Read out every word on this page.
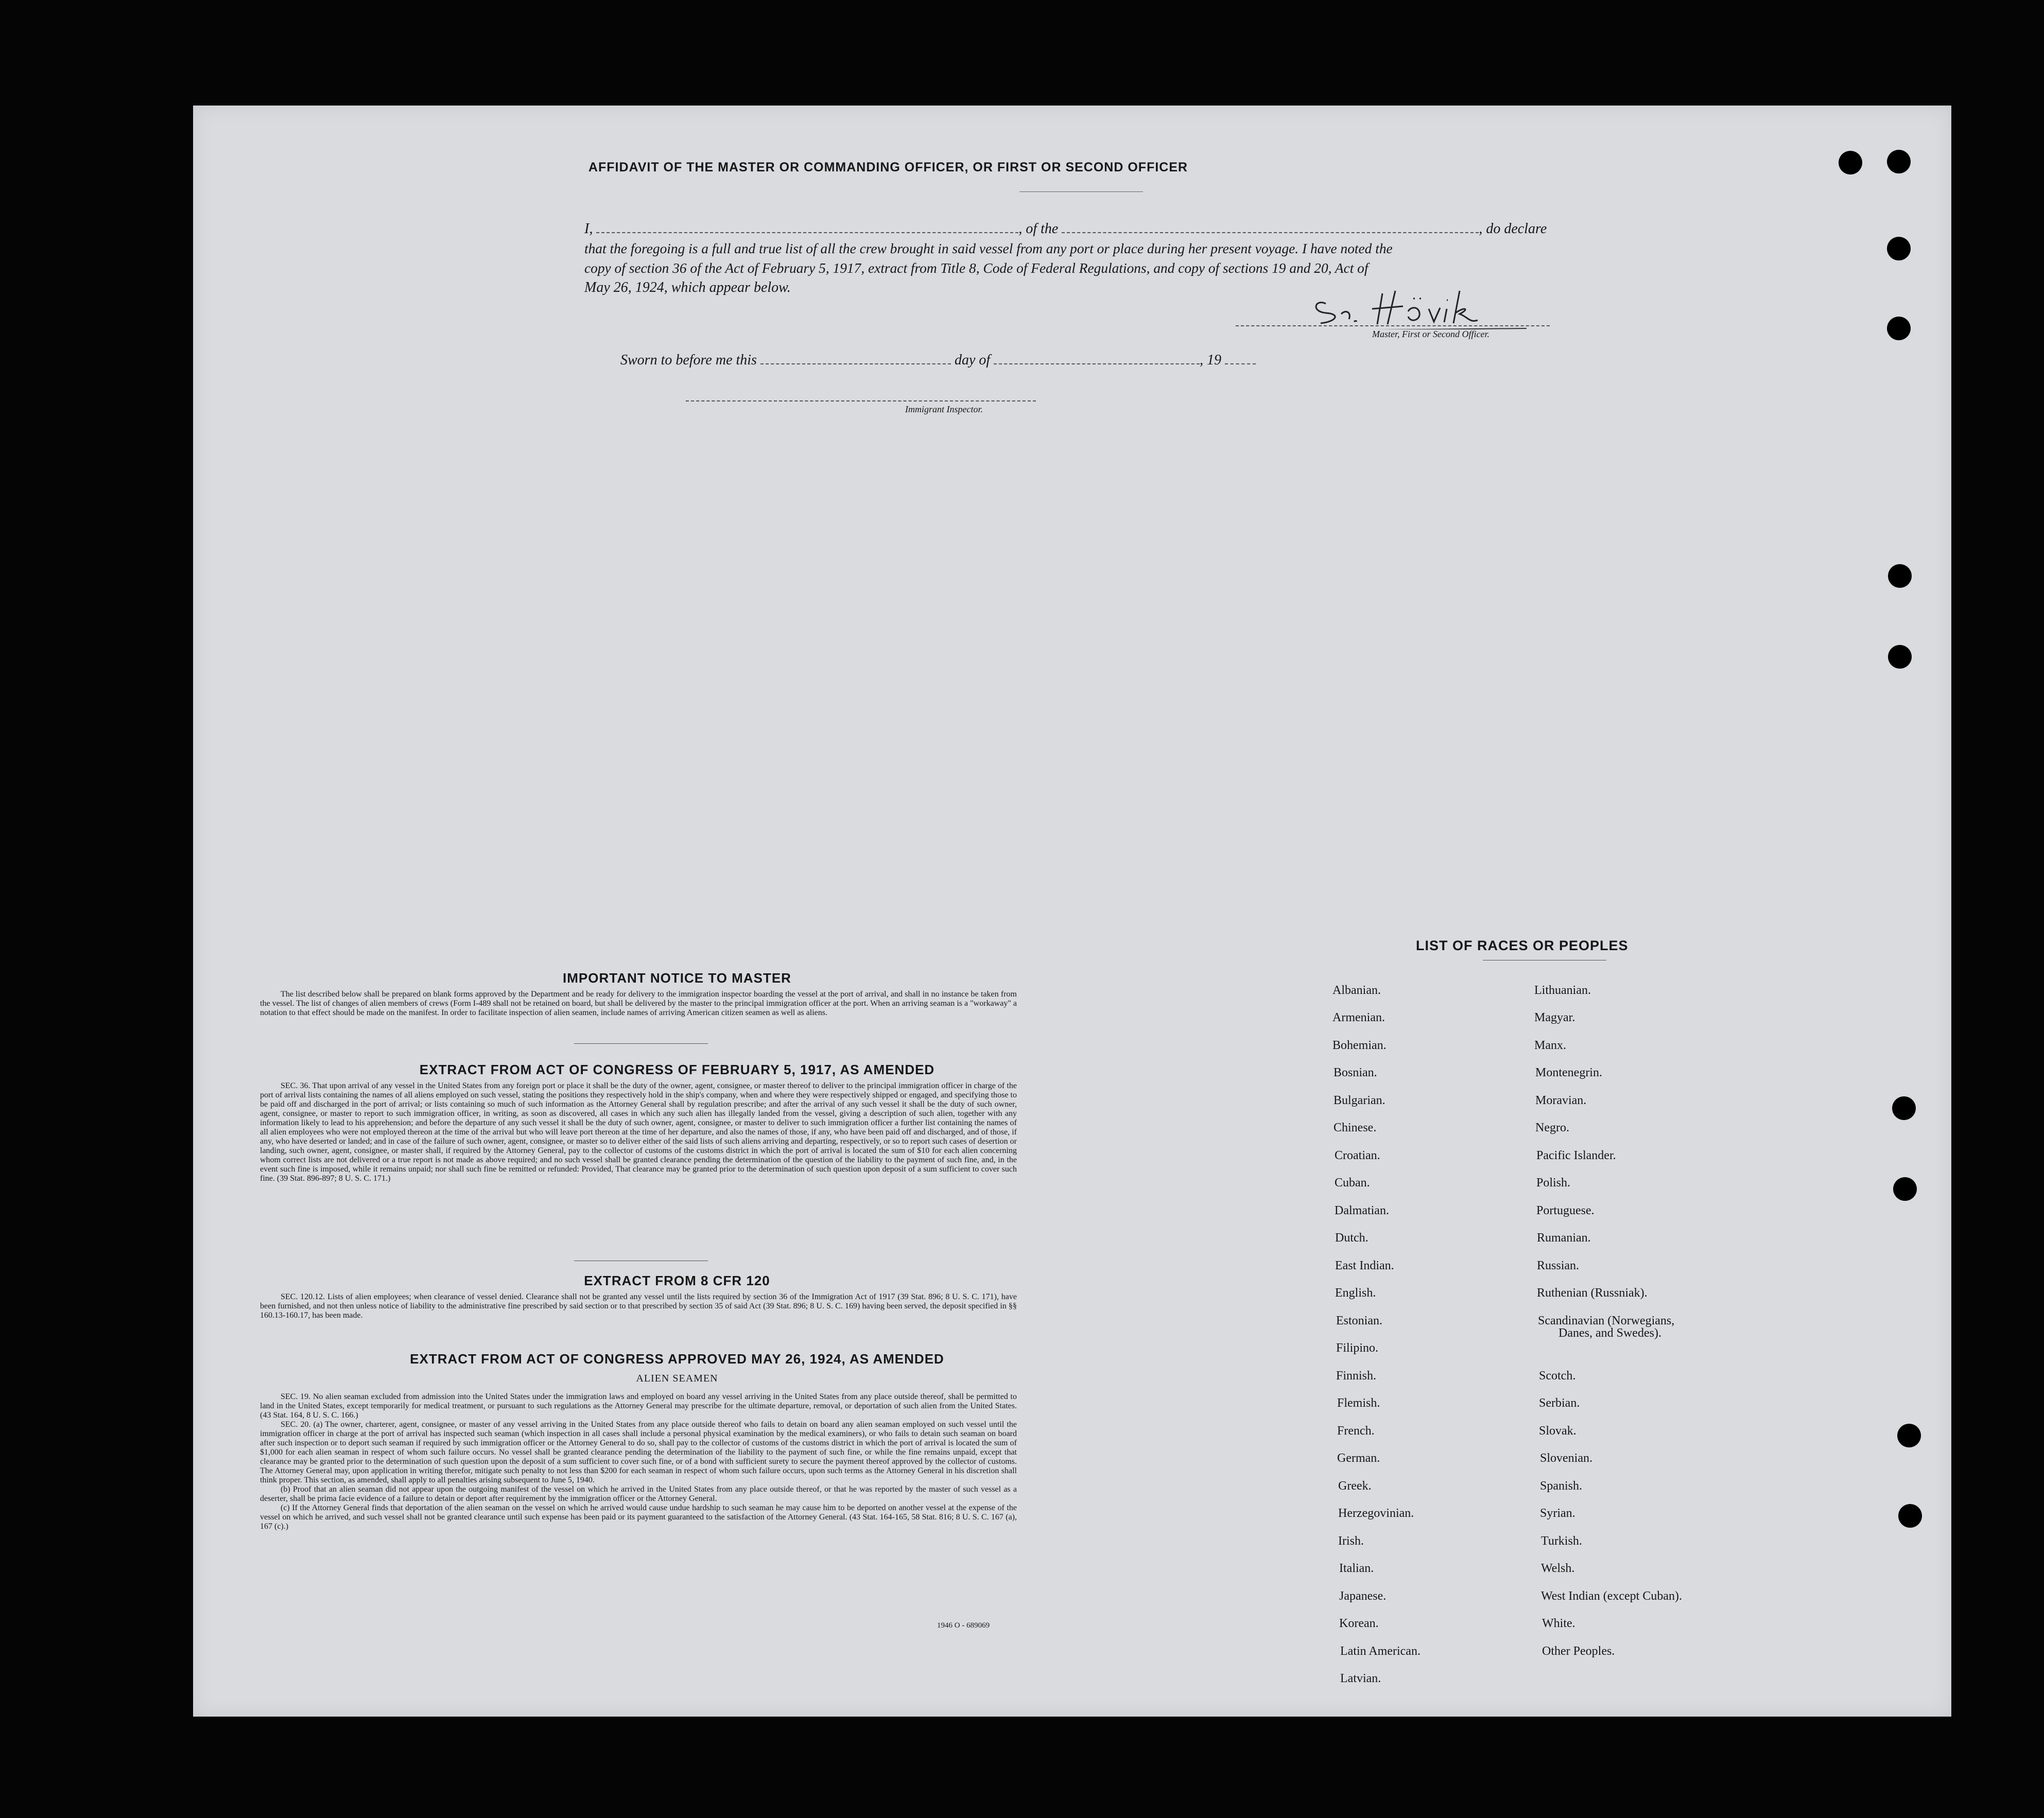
AFFIDAVIT OF THE MASTER OR COMMANDING OFFICER, OR FIRST OR SECOND OFFICER
I,	, of the	, do declare
that the foregoing is a full and true list of all the crew brought in said vessel from any port or place during her present voyage. I have noted the
copy of section 36 of the Act of February 5, 1917, extract from Title 8, Code of Federal Regulations, and copy of sections 19 and 20, Act of
May 26, 1924, which appear below.
Master, First or Second Officer.
Sworn to before me this	day of	, 19
Immigrant Inspector.
IMPORTANT NOTICE TO MASTER
The list described below shall be prepared on blank forms approved by the Department and be ready for delivery to the immigration inspector boarding the vessel at the port of arrival, and shall in no instance be taken from the vessel. The list of changes of alien members of crews (Form I-489 shall not be retained on board, but shall be delivered by the master to the principal immigration officer at the port. When an arriving seaman is a "workaway" a notation to that effect should be made on the manifest. In order to facilitate inspection of alien seamen, include names of arriving American citizen seamen as well as aliens.
EXTRACT FROM ACT OF CONGRESS OF FEBRUARY 5, 1917, AS AMENDED
SEC. 36. That upon arrival of any vessel in the United States from any foreign port or place it shall be the duty of the owner, agent, consignee, or master thereof to deliver to the principal immigration officer in charge of the port of arrival lists containing the names of all aliens employed on such vessel, stating the positions they respectively hold in the ship's company, when and where they were respectively shipped or engaged, and specifying those to be paid off and discharged in the port of arrival; or lists containing so much of such information as the Attorney General shall by regulation prescribe; and after the arrival of any such vessel it shall be the duty of such owner, agent, consignee, or master to report to such immigration officer, in writing, as soon as discovered, all cases in which any such alien has illegally landed from the vessel, giving a description of such alien, together with any information likely to lead to his apprehension; and before the departure of any such vessel it shall be the duty of such owner, agent, consignee, or master to deliver to such immigration officer a further list containing the names of all alien employees who were not employed thereon at the time of the arrival but who will leave port thereon at the time of her departure, and also the names of those, if any, who have been paid off and discharged, and of those, if any, who have deserted or landed; and in case of the failure of such owner, agent, consignee, or master so to deliver either of the said lists of such aliens arriving and departing, respectively, or so to report such cases of desertion or landing, such owner, agent, consignee, or master shall, if required by the Attorney General, pay to the collector of customs of the customs district in which the port of arrival is located the sum of $10 for each alien concerning whom correct lists are not delivered or a true report is not made as above required; and no such vessel shall be granted clearance pending the determination of the question of the liability to the payment of such fine, and, in the event such fine is imposed, while it remains unpaid; nor shall such fine be remitted or refunded: Provided, That clearance may be granted prior to the determination of such question upon deposit of a sum sufficient to cover such fine. (39 Stat. 896-897; 8 U. S. C. 171.)
EXTRACT FROM 8 CFR 120
SEC. 120.12. Lists of alien employees; when clearance of vessel denied. Clearance shall not be granted any vessel until the lists required by section 36 of the Immigration Act of 1917 (39 Stat. 896; 8 U. S. C. 171), have been furnished, and not then unless notice of liability to the administrative fine prescribed by said section or to that prescribed by section 35 of said Act (39 Stat. 896; 8 U. S. C. 169) having been served, the deposit specified in §§ 160.13-160.17, has been made.
EXTRACT FROM ACT OF CONGRESS APPROVED MAY 26, 1924, AS AMENDED
ALIEN SEAMEN
SEC. 19. No alien seaman excluded from admission into the United States under the immigration laws and employed on board any vessel arriving in the United States from any place outside thereof, shall be permitted to land in the United States, except temporarily for medical treatment, or pursuant to such regulations as the Attorney General may prescribe for the ultimate departure, removal, or deportation of such alien from the United States. (43 Stat. 164, 8 U. S. C. 166.)
SEC. 20. (a) The owner, charterer, agent, consignee, or master of any vessel arriving in the United States from any place outside thereof who fails to detain on board any alien seaman employed on such vessel until the immigration officer in charge at the port of arrival has inspected such seaman (which inspection in all cases shall include a personal physical examination by the medical examiners), or who fails to detain such seaman on board after such inspection or to deport such seaman if required by such immigration officer or the Attorney General to do so, shall pay to the collector of customs of the customs district in which the port of arrival is located the sum of $1,000 for each alien seaman in respect of whom such failure occurs. No vessel shall be granted clearance pending the determination of the liability to the payment of such fine, or while the fine remains unpaid, except that clearance may be granted prior to the determination of such question upon the deposit of a sum sufficient to cover such fine, or of a bond with sufficient surety to secure the payment thereof approved by the collector of customs. The Attorney General may, upon application in writing therefor, mitigate such penalty to not less than $200 for each seaman in respect of whom such failure occurs, upon such terms as the Attorney General in his discretion shall think proper. This section, as amended, shall apply to all penalties arising subsequent to June 5, 1940.
(b) Proof that an alien seaman did not appear upon the outgoing manifest of the vessel on which he arrived in the United States from any place outside thereof, or that he was reported by the master of such vessel as a deserter, shall be prima facie evidence of a failure to detain or deport after requirement by the immigration officer or the Attorney General.
(c) If the Attorney General finds that deportation of the alien seaman on the vessel on which he arrived would cause undue hardship to such seaman he may cause him to be deported on another vessel at the expense of the vessel on which he arrived, and such vessel shall not be granted clearance until such expense has been paid or its payment guaranteed to the satisfaction of the Attorney General. (43 Stat. 164-165, 58 Stat. 816; 8 U. S. C. 167 (a), 167 (c).)
1946 O - 689069
LIST OF RACES OR PEOPLES
Albanian.
Armenian.
Bohemian.
Bosnian.
Bulgarian.
Chinese.
Croatian.
Cuban.
Dalmatian.
Dutch.
East Indian.
English.
Estonian.
Filipino.
Finnish.
Flemish.
French.
German.
Greek.
Herzegovinian.
Irish.
Italian.
Japanese.
Korean.
Latin American.
Latvian.
Lithuanian.
Magyar.
Manx.
Montenegrin.
Moravian.
Negro.
Pacific Islander.
Polish.
Portuguese.
Rumanian.
Russian.
Ruthenian (Russniak).
Scandinavian (Norwegians,
Danes, and Swedes).
Scotch.
Serbian.
Slovak.
Slovenian.
Spanish.
Syrian.
Turkish.
Welsh.
West Indian (except Cuban).
White.
Other Peoples.
